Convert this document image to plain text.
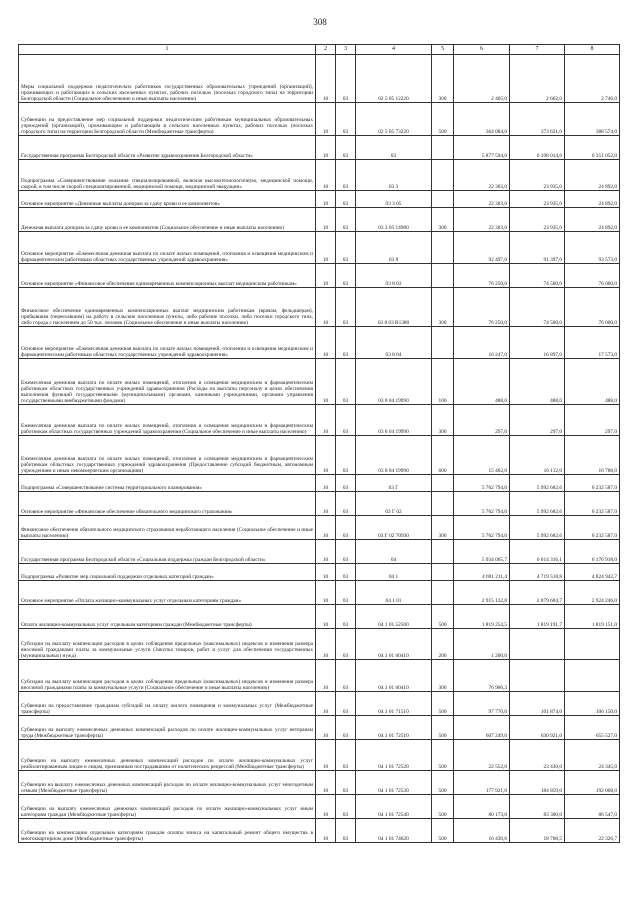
308
1	2	3	4	5	6	7	8
Меры социальной поддержки педагогических работников государственных образовательных учреждений (организаций), проживающих и работающих в сельских населенных пунктах, рабочих поселках (поселках городского типа) на территории Белгородской области (Социальное обеспечение и иные выплаты населению)	10	03	02 5 05 12220	300	2 465,0	2 662,0	2 746,0
Субвенции на предоставление мер социальной поддержки педагогическим работникам муниципальных образовательных учреждений (организаций), проживающим и работающим в сельских населенных пунктах, рабочих поселках (поселках городского типа) на территории Белгородской области (Межбюджетные трансферты)	10	03	02 5 05 73220	500	364 084,0	373 631,0	388 574,0
Государственная программа Белгородской области «Развитие здравоохранения Белгородской области»	10	03	03		5 877 594,0	6 108 014,6	6 351 052,0
Подпрограмма «Совершенствование оказания специализированной, включая высокотехнологичную, медицинской помощи, скорой, в том числе скорой специализированной, медицинской помощи, медицинской эвакуации»	10	03	03 3		22 303,0	23 935,0	24 892,0
Основное мероприятие «Денежные выплаты донорам за сдачу крови и ее компонентов»	10	03	03 3 05		22 303,0	23 935,0	24 892,0
Денежная выплата донорам за сдачу крови и ее компонентов (Социальное обеспечение и иные выплаты населению)	10	03	03 3 05 14980	300	22 303,0	23 935,0	24 892,0
Основное мероприятие «Ежемесячная денежная выплата по оплате жилых помещений, отопления и освещения медицинским и фармацевтическим работникам областных государственных учреждений здравоохранения»	10	03	03 8		92 497,0	91 397,0	93 573,0
Основное мероприятие «Финансовое обеспечение единовременных компенсационных выплат медицинским работникам»	10	03	03 8 03		76 250,0	74 500,0	76 000,0
Финансовое обеспечение единовременных компенсационных выплат медицинским работникам (врачам, фельдшерам), прибывшим (переехавшим) на работу в сельские населенные пункты, либо рабочие поселки, либо поселки городского типа, либо города с населением до 50 тыс. человек (Социальное обеспечение и иные выплаты населению)	10	03	03 8 03 R1380	300	76 250,0	74 500,0	76 000,0
Основное мероприятие «Ежемесячная денежная выплата по оплате жилых помещений, отопления и освещения медицинским и фармацевтическим работникам областных государственных учреждений здравоохранения»	10	03	03 8 04		16 247,0	16 897,0	17 573,0
Ежемесячная денежная выплата по оплате жилых помещений, отопления и освещения медицинским и фармацевтическим работникам областных государственных учреждений здравоохранения (Расходы на выплаты персоналу в целях обеспечения выполнения функций государственными (муниципальными) органами, казенными учреждениями, органами управления государственными внебюджетными фондами)	10	03	03 8 04 19990	100	488,0	488,0	488,0
Ежемесячная денежная выплата по оплате жилых помещений, отопления и освещения медицинским и фармацевтическим работникам областных государственных учреждений здравоохранения (Социальное обеспечение и иные выплаты населению)	10	03	03 8 04 19990	300	297,0	297,0	297,0
Ежемесячная денежная выплата по оплате жилых помещений, отопления и освещения медицинским и фармацевтическим работникам областных государственных учреждений здравоохранения (Предоставление субсидий бюджетным, автономным учреждениям и иным некоммерческим организациям)	10	03	03 8 04 19990	600	15 462,0	16 112,0	16 788,0
Подпрограмма «Совершенствование системы территориального планирования»	10	03	03 Г		5 762 794,0	5 992 682,6	6 232 587,0
Основное мероприятие «Финансовое обеспечение обязательного медицинского страхования»	10	03	03 Г 02		5 762 794,0	5 992 682,6	6 232 587,0
Финансовое обеспечение обязательного медицинского страхования неработающего населения (Социальное обеспечение и иные выплаты населению)	10	03	03 Г 02 70930	300	5 762 794,0	5 992 682,6	6 232 587,0
Государственная программа Белгородской области «Социальная поддержка граждан Белгородской области»	10	03	04		5 934 065,7	6 014 316,1	6 176 918,0
Подпрограмма «Развитие мер социальной поддержки отдельных категорий граждан»	10	03	04 1		4 691 211,4	4 719 518,8	4 824 942,7
Основное мероприятие «Оплата жилищно-коммунальных услуг отдельным категориям граждан»	10	03	04 1 01		2 915 132,8	2 879 604,7	2 924 246,0
Оплата жилищно-коммунальных услуг отдельным категориям граждан (Межбюджетные трансферты)	10	03	04 1 01 52500	500	1 819 254,5	1 819 191,7	1 819 151,0
Субсидии на выплату компенсации расходов в целях соблюдения предельных (максимальных) индексов и изменения размера вносимой гражданами платы за коммунальные услуги (Закупка товаров, работ и услуг для обеспечения государственных (муниципальных) нужд)	10	03	04 1 01 60410	200	1 200,0		
Субсидии на выплату компенсации расходов в целях соблюдения предельных (максимальных) индексов и изменения размера вносимой гражданами платы за коммунальные услуги (Социальное обеспечение и иные выплаты населению)	10	03	04 1 01 60410	300	76 906,3		
Субвенции на предоставление гражданам субсидий на оплату жилого помещения и коммунальных услуг (Межбюджетные трансферты)	10	03	04 1 01 71510	500	97 770,0	101 874,0	106 150,0
Субвенции на выплату ежемесячных денежных компенсаций расходов по оплате жилищно-коммунальных услуг ветеранам труда (Межбюджетные трансферты)	10	03	04 1 01 72510	500	607 249,0	630 921,0	655 527,0
Субвенции на выплату ежемесячных денежных компенсаций расходов по оплате жилищно-коммунальных услуг реабилитированным лицам и лицам, признанным пострадавшими от политических репрессий (Межбюджетные трансферты)	10	03	04 1 01 72520	500	22 552,0	23 430,0	24 345,0
Субвенции на выплату ежемесячных денежных компенсаций расходов по оплате жилищно-коммунальных услуг многодетным семьям (Межбюджетные трансферты)	10	03	04 1 01 72530	500	177 921,0	184 859,0	192 068,0
Субвенции на выплату ежемесячных денежных компенсаций расходов по оплате жилищно-коммунальных услуг иным категориям граждан (Межбюджетные трансферты)	10	03	04 1 01 72540	500	80 173,0	83 300,0	86 547,0
Субвенции на компенсацию отдельным категориям граждан оплаты взноса на капитальный ремонт общего имущества в многоквартирном доме (Межбюджетные трансферты)	10	03	04 1 01 74620	500	16 430,6	18 708,5	22 326,7
